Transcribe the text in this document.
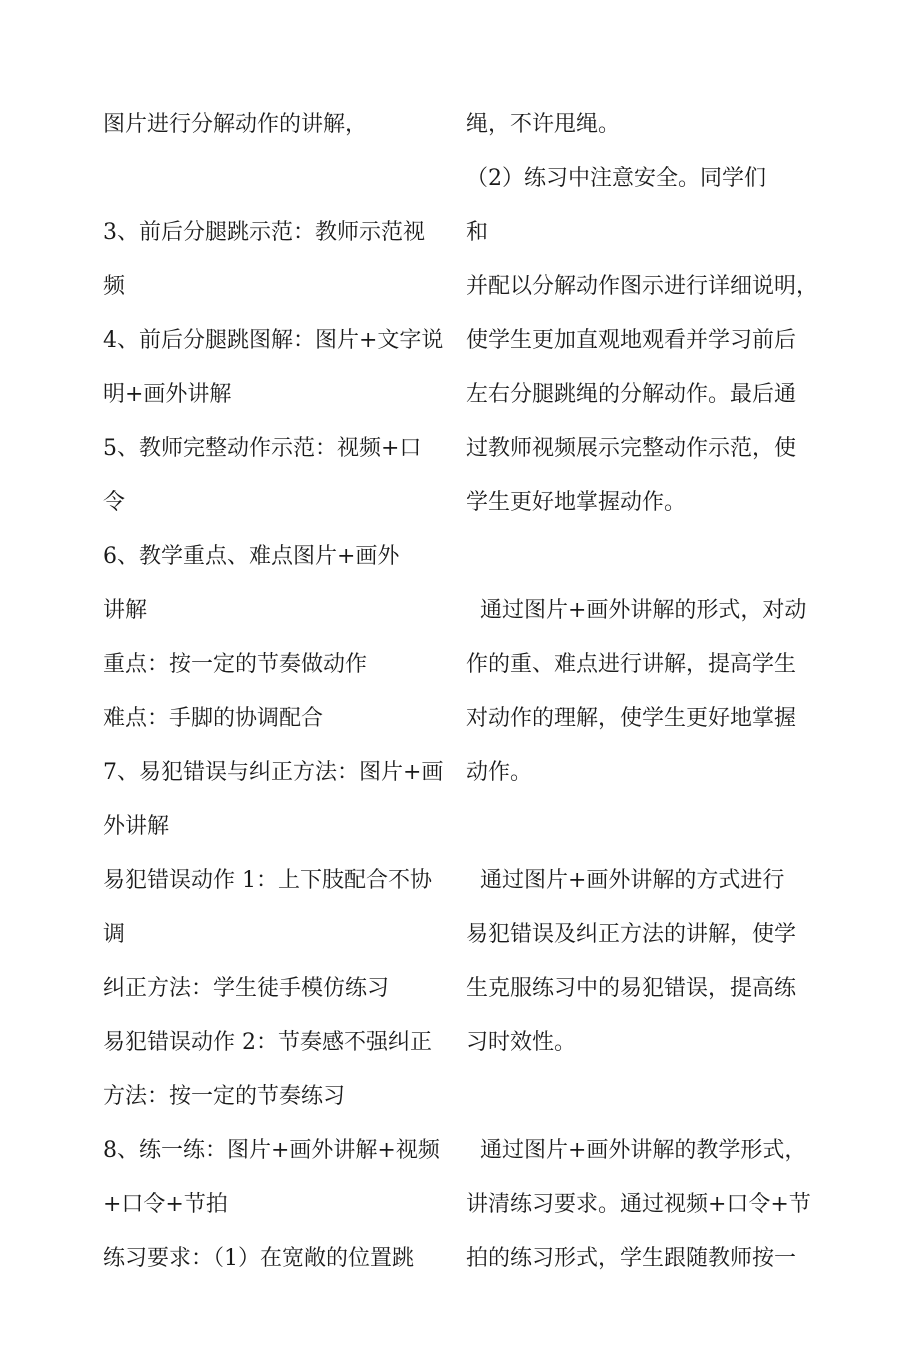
图片进行分解动作的讲解，
3、前后分腿跳示范：教师示范视
频
4、前后分腿跳图解：图片+文字说
明+画外讲解
5、教师完整动作示范：视频+口
令
6、教学重点、难点图片+画外
讲解
重点：按一定的节奏做动作
难点：手脚的协调配合
7、易犯错误与纠正方法：图片+画
外讲解
易犯错误动作 1：上下肢配合不协
调
纠正方法：学生徒手模仿练习
易犯错误动作 2：节奏感不强纠正
方法：按一定的节奏练习
8、练一练：图片+画外讲解+视频
+口令+节拍
练习要求：（1）在宽敞的位置跳
绳，不许甩绳。
（2）练习中注意安全。同学们
和
并配以分解动作图示进行详细说明，
使学生更加直观地观看并学习前后
左右分腿跳绳的分解动作。最后通
过教师视频展示完整动作示范，使
学生更好地掌握动作。
通过图片+画外讲解的形式，对动
作的重、难点进行讲解，提高学生
对动作的理解，使学生更好地掌握
动作。
通过图片+画外讲解的方式进行
易犯错误及纠正方法的讲解，使学
生克服练习中的易犯错误，提高练
习时效性。
通过图片+画外讲解的教学形式，
讲清练习要求。通过视频+口令+节
拍的练习形式，学生跟随教师按一
